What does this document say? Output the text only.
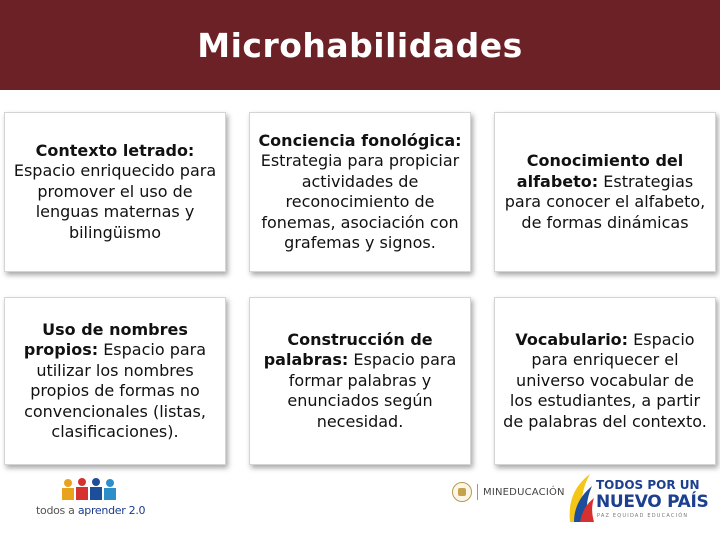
Microhabilidades

Contexto letrado: Espacio enriquecido para promover el uso de lenguas maternas y bilingüismo

Conciencia fonológica: Estrategia para propiciar actividades de reconocimiento de fonemas, asociación con grafemas y signos.

Conocimiento del alfabeto: Estrategias para conocer el alfabeto, de formas dinámicas

Uso de nombres propios: Espacio para utilizar los nombres propios de formas no convencionales (listas, clasificaciones).

Construcción de palabras: Espacio para formar palabras y enunciados según necesidad.

Vocabulario: Espacio para enriquecer el universo vocabular de los estudiantes, a partir de palabras del contexto.

todos a aprender 2.0
MINEDUCACIÓN	TODOS POR UN
NUEVO PAÍS
PAZ EQUIDAD EDUCACIÓN
